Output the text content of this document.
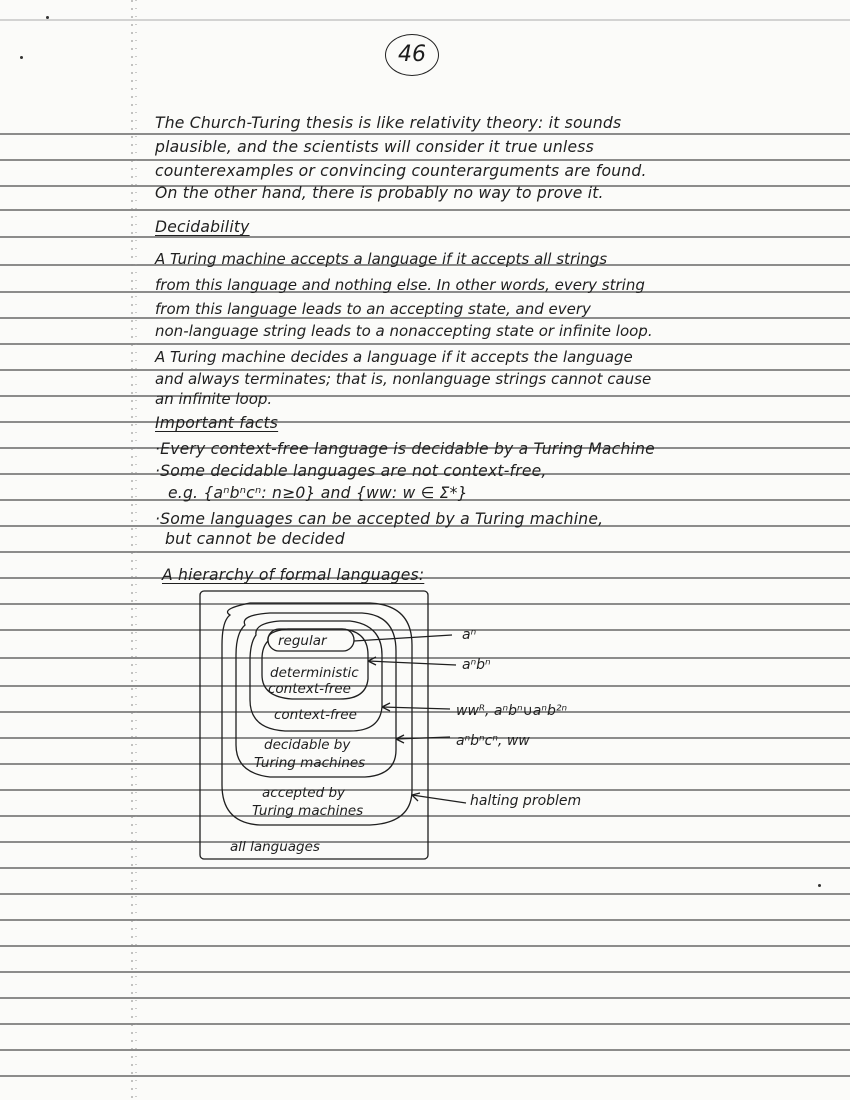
46
The Church-Turing thesis is like relativity theory: it sounds
plausible, and the scientists will consider it true unless
counterexamples or convincing counterarguments are found.
On the other hand, there is probably no way to prove it.
Decidability
A Turing machine accepts a language if it accepts all strings
from this language and nothing else. In other words, every string
from this language leads to an accepting state, and every
non-language string leads to a nonaccepting state or infinite loop.
A Turing machine decides a language if it accepts the language
and always terminates; that is, nonlanguage strings cannot cause
an infinite loop.
Important facts
·Every context-free language is decidable by a Turing Machine
·Some decidable languages are not context-free,
e.g. {aⁿbⁿcⁿ: n≥0} and {ww: w ∈ Σ*}
·Some languages can be accepted by a Turing machine,
but cannot be decided
A hierarchy of formal languages:
regular
deterministic
context-free
context-free
decidable by
Turing machines
accepted by
Turing machines
all languages
aⁿ
aⁿbⁿ
wwᴿ, aⁿbⁿ∪aⁿb²ⁿ
aⁿbⁿcⁿ, ww
halting problem
